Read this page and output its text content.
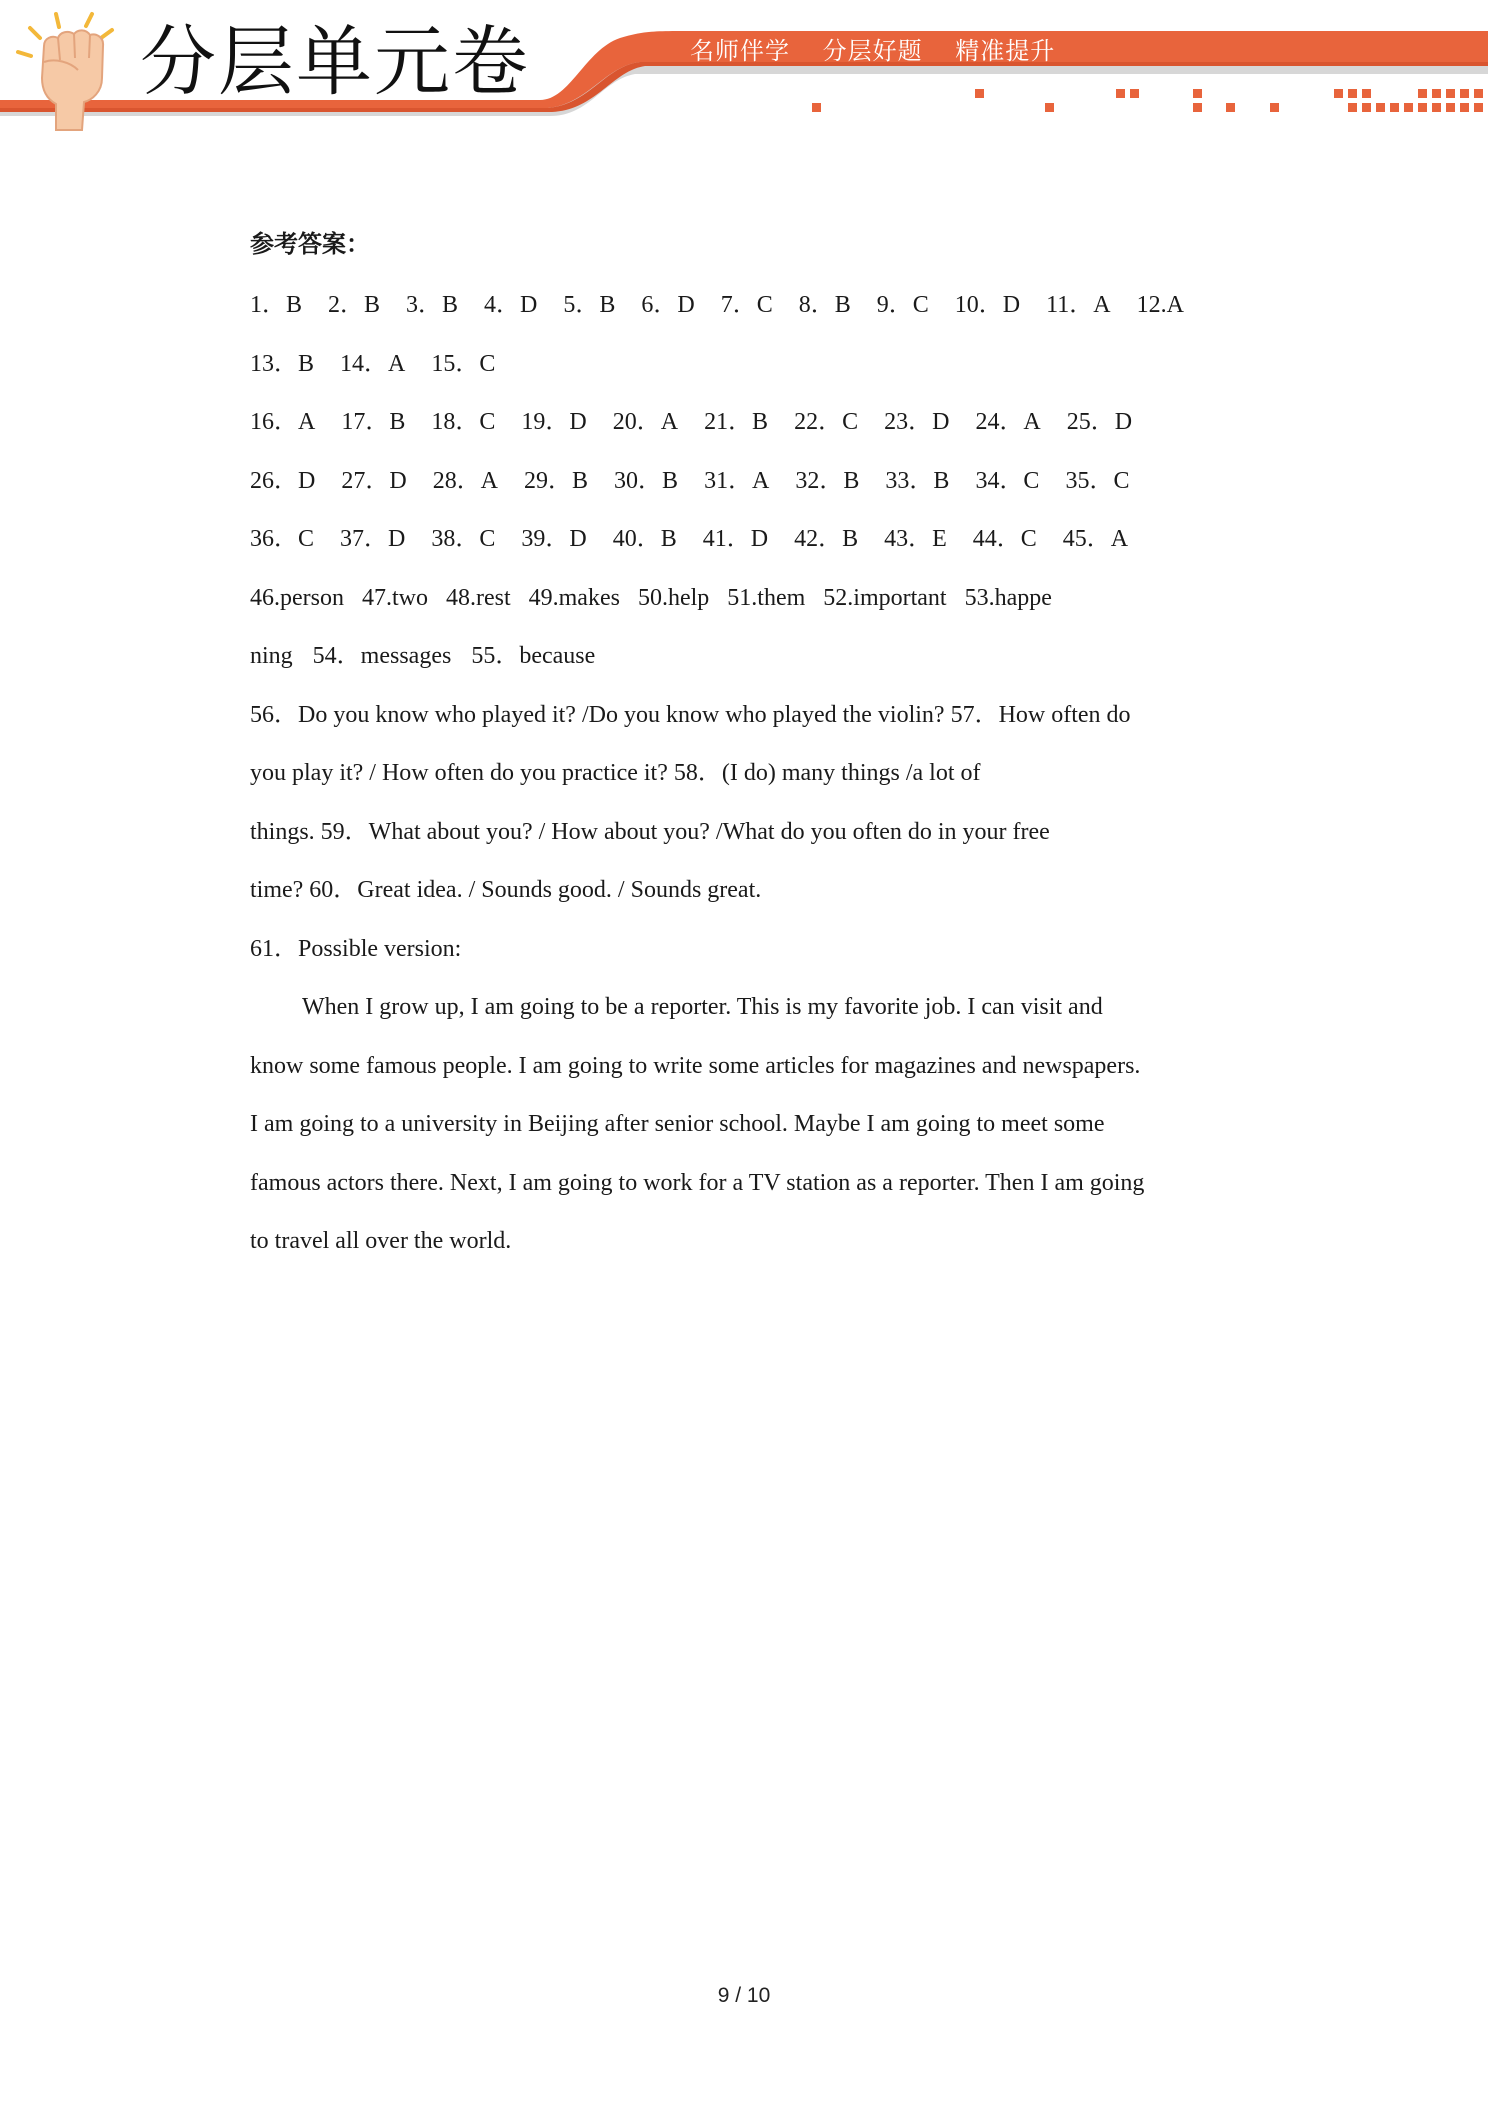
分层单元卷	名师伴学 分层好题 精准提升
参考答案：
1．B 2．B 3．B 4．D 5．B 6．D 7．C 8．B 9．C 10．D 11．A 12.A
13．B 14．A 15．C
16．A 17．B 18．C 19．D 20．A 21．B 22．C 23．D 24．A 25．D
26．D 27．D 28．A 29．B 30．B 31．A 32．B 33．B 34．C 35．C
36．C 37．D 38．C 39．D 40．B 41．D 42．B 43．E 44．C 45．A
46.person 47.two 48.rest 49.makes 50.help 51.them 52.important 53.happe
ning 54．messages 55．because
56．Do you know who played it? /Do you know who played the violin? 57．How often do
you play it? / How often do you practice it? 58．(I do) many things /a lot of
things. 59．What about you? / How about you? /What do you often do in your free
time? 60．Great idea. / Sounds good. / Sounds great.
61．Possible version:
When I grow up, I am going to be a reporter. This is my favorite job. I can visit and
know some famous people. I am going to write some articles for magazines and newspapers.
I am going to a university in Beijing after senior school. Maybe I am going to meet some
famous actors there. Next, I am going to work for a TV station as a reporter. Then I am going
to travel all over the world.
9 / 10
